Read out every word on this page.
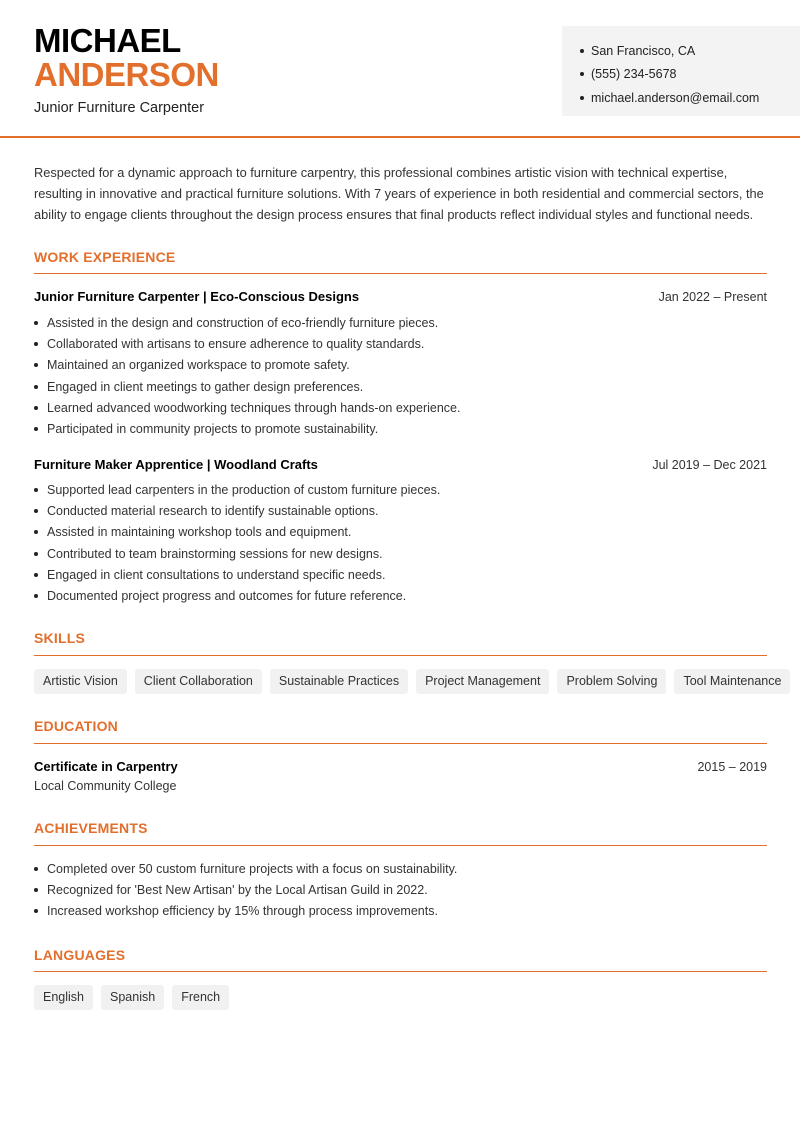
MICHAEL
ANDERSON
Junior Furniture Carpenter
San Francisco, CA
(555) 234-5678
michael.anderson@email.com

Respected for a dynamic approach to furniture carpentry, this professional combines artistic vision with technical expertise, resulting in innovative and practical furniture solutions. With 7 years of experience in both residential and commercial sectors, the ability to engage clients throughout the design process ensures that final products reflect individual styles and functional needs.

WORK EXPERIENCE
Junior Furniture Carpenter | Eco-Conscious Designs	Jan 2022 – Present
Assisted in the design and construction of eco-friendly furniture pieces.
Collaborated with artisans to ensure adherence to quality standards.
Maintained an organized workspace to promote safety.
Engaged in client meetings to gather design preferences.
Learned advanced woodworking techniques through hands-on experience.
Participated in community projects to promote sustainability.
Furniture Maker Apprentice | Woodland Crafts	Jul 2019 – Dec 2021
Supported lead carpenters in the production of custom furniture pieces.
Conducted material research to identify sustainable options.
Assisted in maintaining workshop tools and equipment.
Contributed to team brainstorming sessions for new designs.
Engaged in client consultations to understand specific needs.
Documented project progress and outcomes for future reference.
SKILLS
Artistic Vision	Client Collaboration	Sustainable Practices	Project Management	Problem Solving	Tool Maintenance
EDUCATION
Certificate in Carpentry	2015 – 2019
Local Community College
ACHIEVEMENTS
Completed over 50 custom furniture projects with a focus on sustainability.
Recognized for 'Best New Artisan' by the Local Artisan Guild in 2022.
Increased workshop efficiency by 15% through process improvements.
LANGUAGES
English	Spanish	French
